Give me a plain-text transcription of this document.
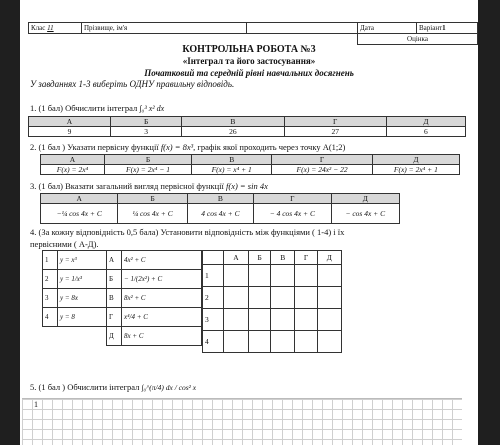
Клас 11	Прізвище, ім'я		Дата	Варіант1
			Оцінка	
КОНТРОЛЬНА РОБОТА №3
«Інтеграл та його застосування»
Початковий та середній рівні навчальних досягнень
У завданнях 1-3 виберіть ОДНУ правильну відповідь.
1. (1 бал) Обчислити інтеграл ∫₀³ x² dx
А	Б	В	Г	Д
9	3	26	27	6
2. (1 бал ) Указати первісну функції f(x) = 8x³, графік якої проходить через точку А(1;2)
А	Б	В	Г	Д
F(x) = 2x⁴	F(x) = 2x⁴ − 1	F(x) = x⁴ + 1	F(x) = 24x² − 22	F(x) = 2x⁴ + 1
3. (1 бал) Вказати загальний вигляд первісної функції f(x) = sin 4x
А	Б	В	Г	Д
−¼ cos 4x + C	¼ cos 4x + C	4 cos 4x + C	− 4 cos 4x + C	− cos 4x + C
4. (За кожну відповідність 0,5 бала) Установити відповідність між функціями ( 1-4) і їх
первісними ( А-Д).
1	y = x³	А	4x² + C
2	y = 1/x³	Б	− 1/(2x²) + C
3	y = 8x	В	8x² + C
4	y = 8	Г	x⁴/4 + C
		Д	8x + C
	А	Б	В	Г	Д
1					
2					
3					
4					
5. (1 бал ) Обчислити інтеграл ∫₀^(π/4) dx / cos² x
1
